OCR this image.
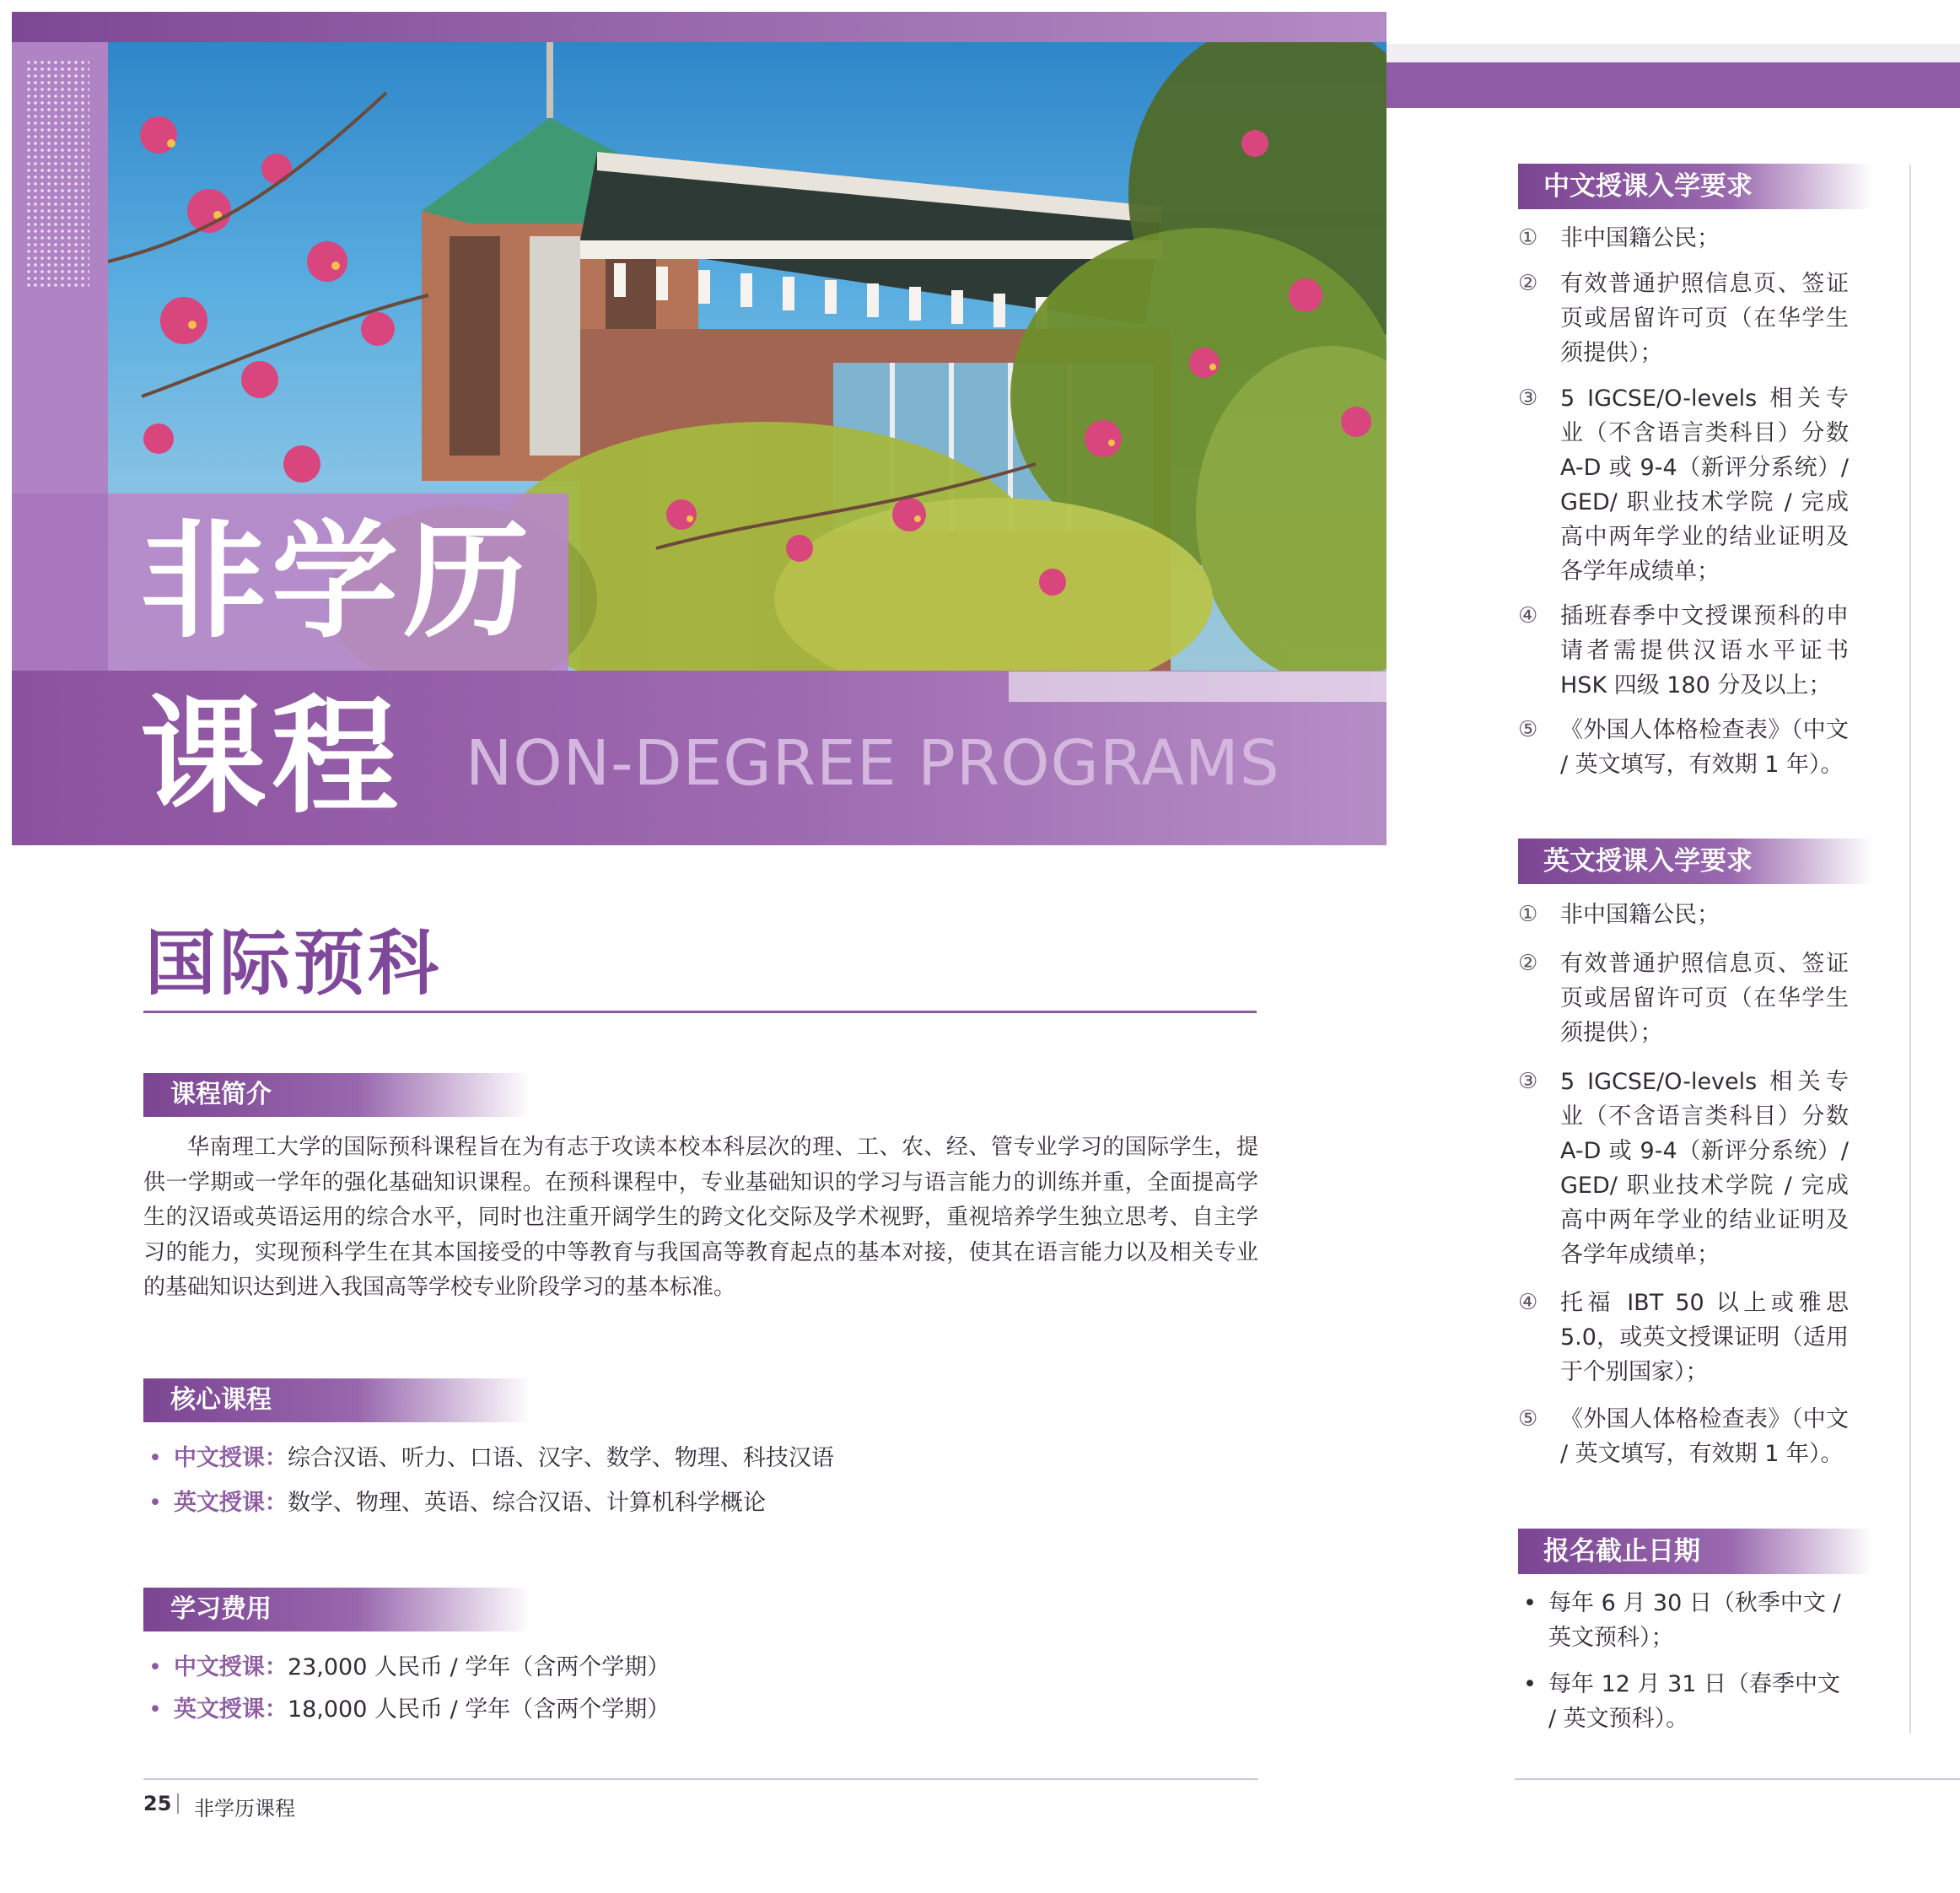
非学历
课程 NON-DEGREE PROGRAMS
国际预科
课程简介
华南理工大学的国际预科课程旨在为有志于攻读本校本科层次的理、工、农、经、管专业学习的国际学生，提供一学期或一学年的强化基础知识课程。在预科课程中，专业基础知识的学习与语言能力的训练并重，全面提高学生的汉语或英语运用的综合水平，同时也注重开阔学生的跨文化交际及学术视野，重视培养学生独立思考、自主学习的能力，实现预科学生在其本国接受的中等教育与我国高等教育起点的基本对接，使其在语言能力以及相关专业的基础知识达到进入我国高等学校专业阶段学习的基本标准。
核心课程
• 中文授课：综合汉语、听力、口语、汉字、数学、物理、科技汉语
• 英文授课：数学、物理、英语、综合汉语、计算机科学概论
学习费用
• 中文授课：23,000 人民币 / 学年（含两个学期）
• 英文授课：18,000 人民币 / 学年（含两个学期）
25 非学历课程
中文授课入学要求
① 非中国籍公民；
② 有效普通护照信息页、签证页或居留许可页（在华学生须提供）；
③ 5 IGCSE/O-levels 相关专业（不含语言类科目）分数 A-D 或 9-4（新评分系统）/ GED/ 职业技术学院 / 完成高中两年学业的结业证明及各学年成绩单；
④ 插班春季中文授课预科的申请者需提供汉语水平证书 HSK 四级 180 分及以上；
⑤ 《外国人体格检查表》（中文 / 英文填写，有效期 1 年）。
英文授课入学要求
① 非中国籍公民；
② 有效普通护照信息页、签证页或居留许可页（在华学生须提供）；
③ 5 IGCSE/O-levels 相关专业（不含语言类科目）分数 A-D 或 9-4（新评分系统）/ GED/ 职业技术学院 / 完成高中两年学业的结业证明及各学年成绩单；
④ 托福 IBT 50 以上或雅思 5.0，或英文授课证明（适用于个别国家）；
⑤ 《外国人体格检查表》（中文 / 英文填写，有效期 1 年）。
报名截止日期
• 每年 6 月 30 日（秋季中文 / 英文预科）；
• 每年 12 月 31 日（春季中文 / 英文预科）。
